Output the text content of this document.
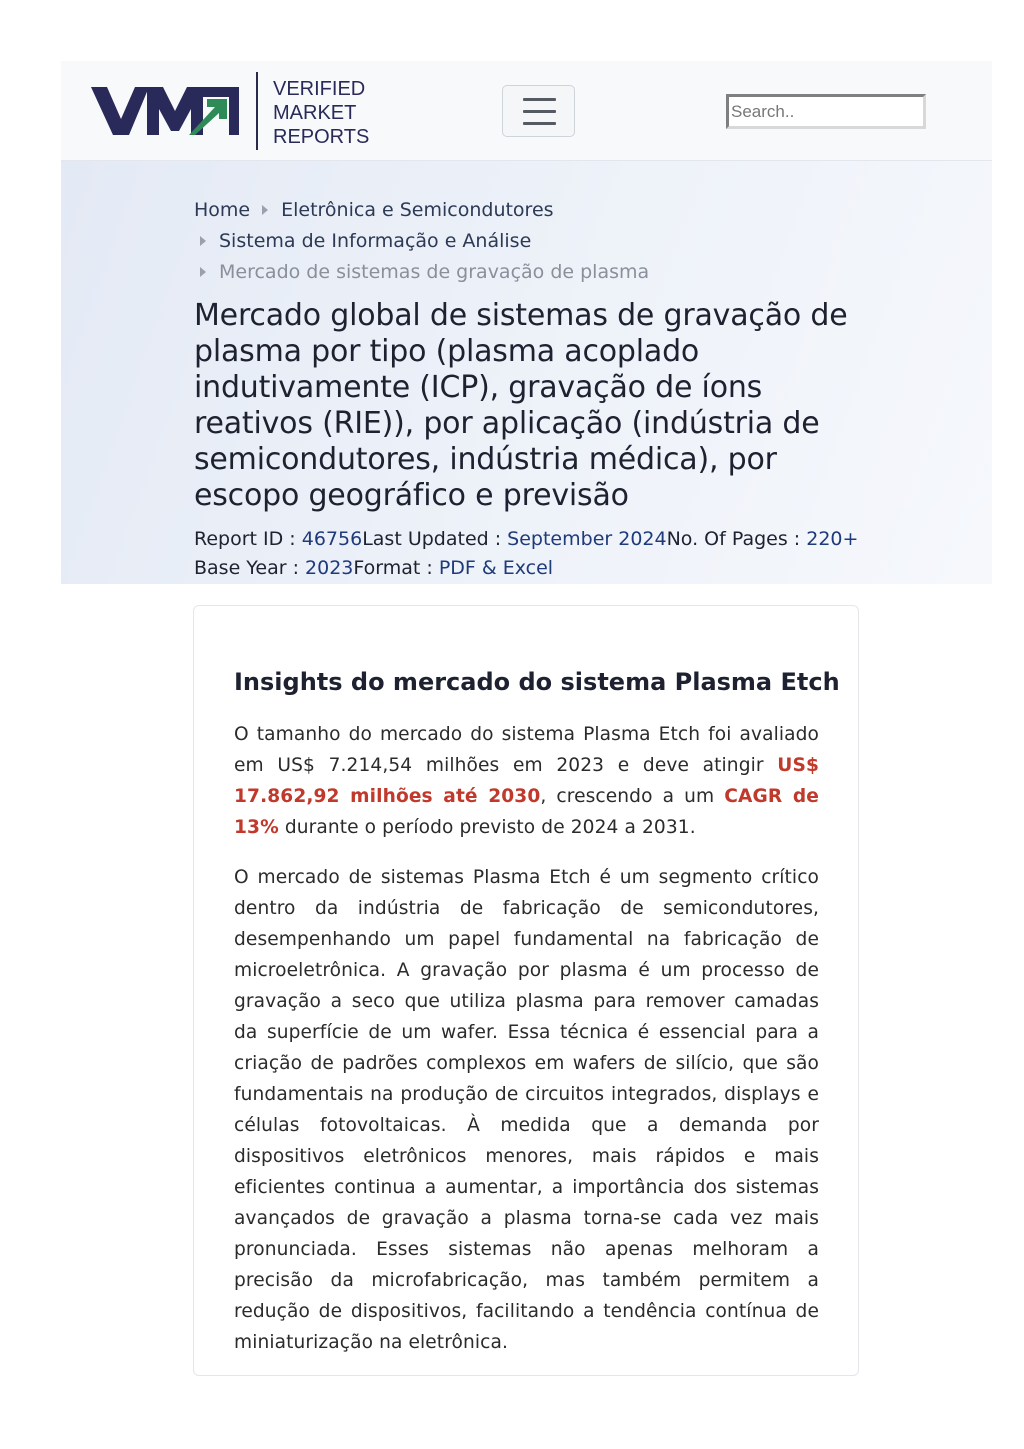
VERIFIED
MARKET
REPORTS
Search..
Home Eletrônica e Semicondutores
Sistema de Informação e Análise
Mercado de sistemas de gravação de plasma
Mercado global de sistemas de gravação de plasma por tipo (plasma acoplado indutivamente (ICP), gravação de íons reativos (RIE)), por aplicação (indústria de semicondutores, indústria médica), por escopo geográfico e previsão
Report ID : 46756Last Updated : September 2024No. Of Pages : 220+
Base Year : 2023Format : PDF & Excel
Insights do mercado do sistema Plasma Etch

O tamanho do mercado do sistema Plasma Etch foi avaliado em US$ 7.214,54 milhões em 2023 e deve atingir US$ 17.862,92 milhões até 2030, crescendo a um CAGR de 13% durante o período previsto de 2024 a 2031.

O mercado de sistemas Plasma Etch é um segmento crítico dentro da indústria de fabricação de semicondutores, desempenhando um papel fundamental na fabricação de microeletrônica. A gravação por plasma é um processo de gravação a seco que utiliza plasma para remover camadas da superfície de um wafer. Essa técnica é essencial para a criação de padrões complexos em wafers de silício, que são fundamentais na produção de circuitos integrados, displays e células fotovoltaicas. À medida que a demanda por dispositivos eletrônicos menores, mais rápidos e mais eficientes continua a aumentar, a importância dos sistemas avançados de gravação a plasma torna-se cada vez mais pronunciada. Esses sistemas não apenas melhoram a precisão da microfabricação, mas também permitem a redução de dispositivos, facilitando a tendência contínua de miniaturização na eletrônica.
